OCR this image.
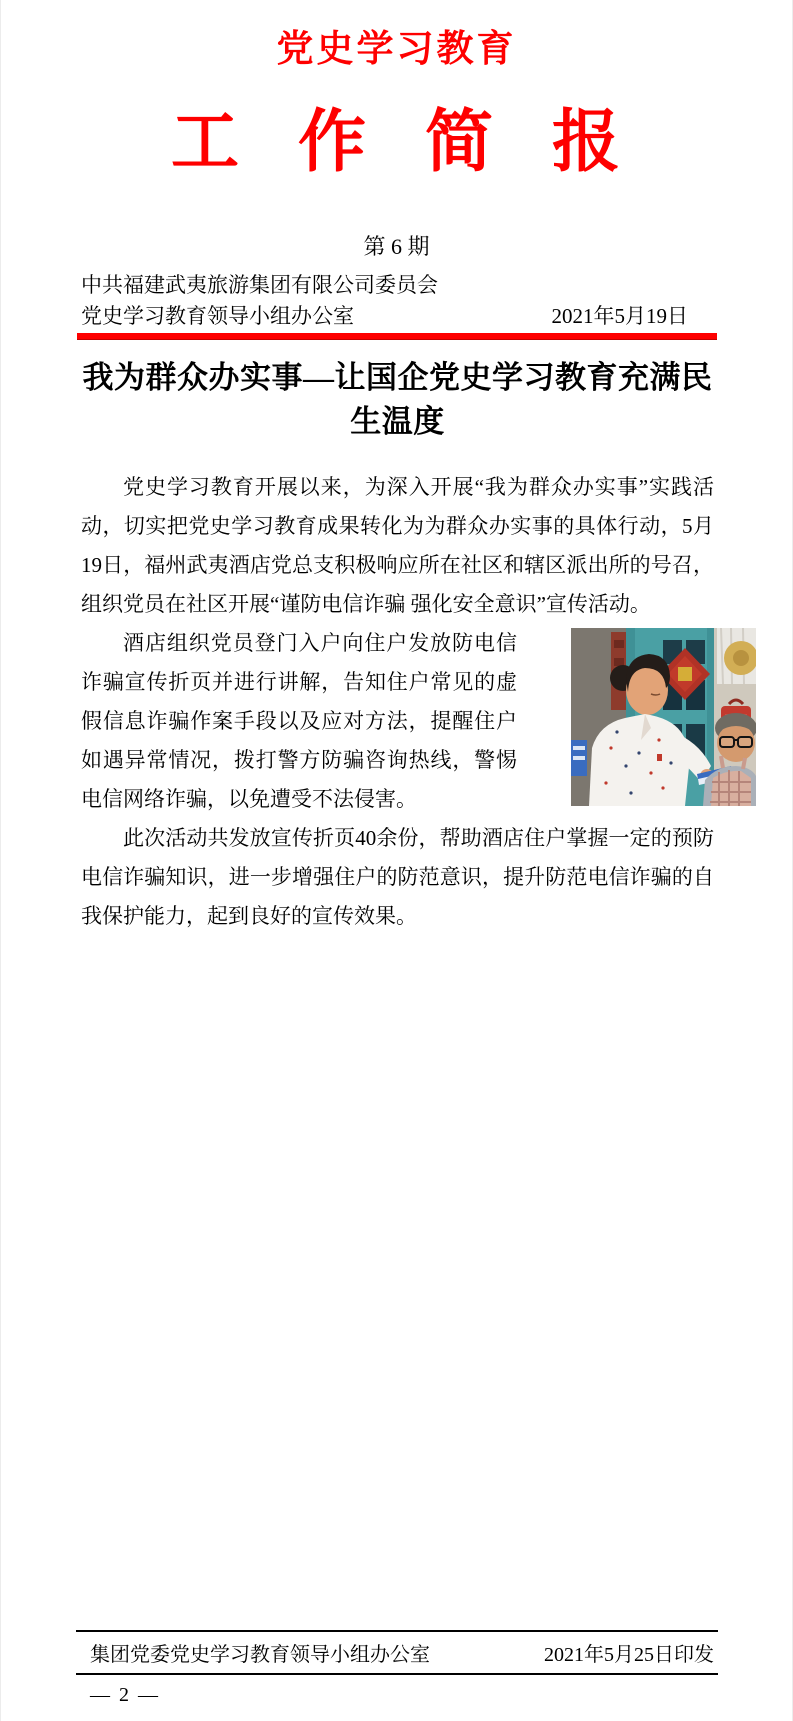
党史学习教育
工 作 简 报
第 6 期
中共福建武夷旅游集团有限公司委员会
党史学习教育领导小组办公室	2021年5月19日
我为群众办实事—让国企党史学习教育充满民生温度

党史学习教育开展以来，为深入开展“我为群众办实事”实践活动，切实把党史学习教育成果转化为为群众办实事的具体行动，5月19日，福州武夷酒店党总支积极响应所在社区和辖区派出所的号召，组织党员在社区开展“谨防电信诈骗 强化安全意识”宣传活动。

酒店组织党员登门入户向住户发放防电信诈骗宣传折页并进行讲解，告知住户常见的虚假信息诈骗作案手段以及应对方法，提醒住户如遇异常情况，拨打警方防骗咨询热线，警惕电信网络诈骗，以免遭受不法侵害。

此次活动共发放宣传折页40余份，帮助酒店住户掌握一定的预防电信诈骗知识，进一步增强住户的防范意识，提升防范电信诈骗的自我保护能力，起到良好的宣传效果。

集团党委党史学习教育领导小组办公室	2021年5月25日印发
— 2 —
